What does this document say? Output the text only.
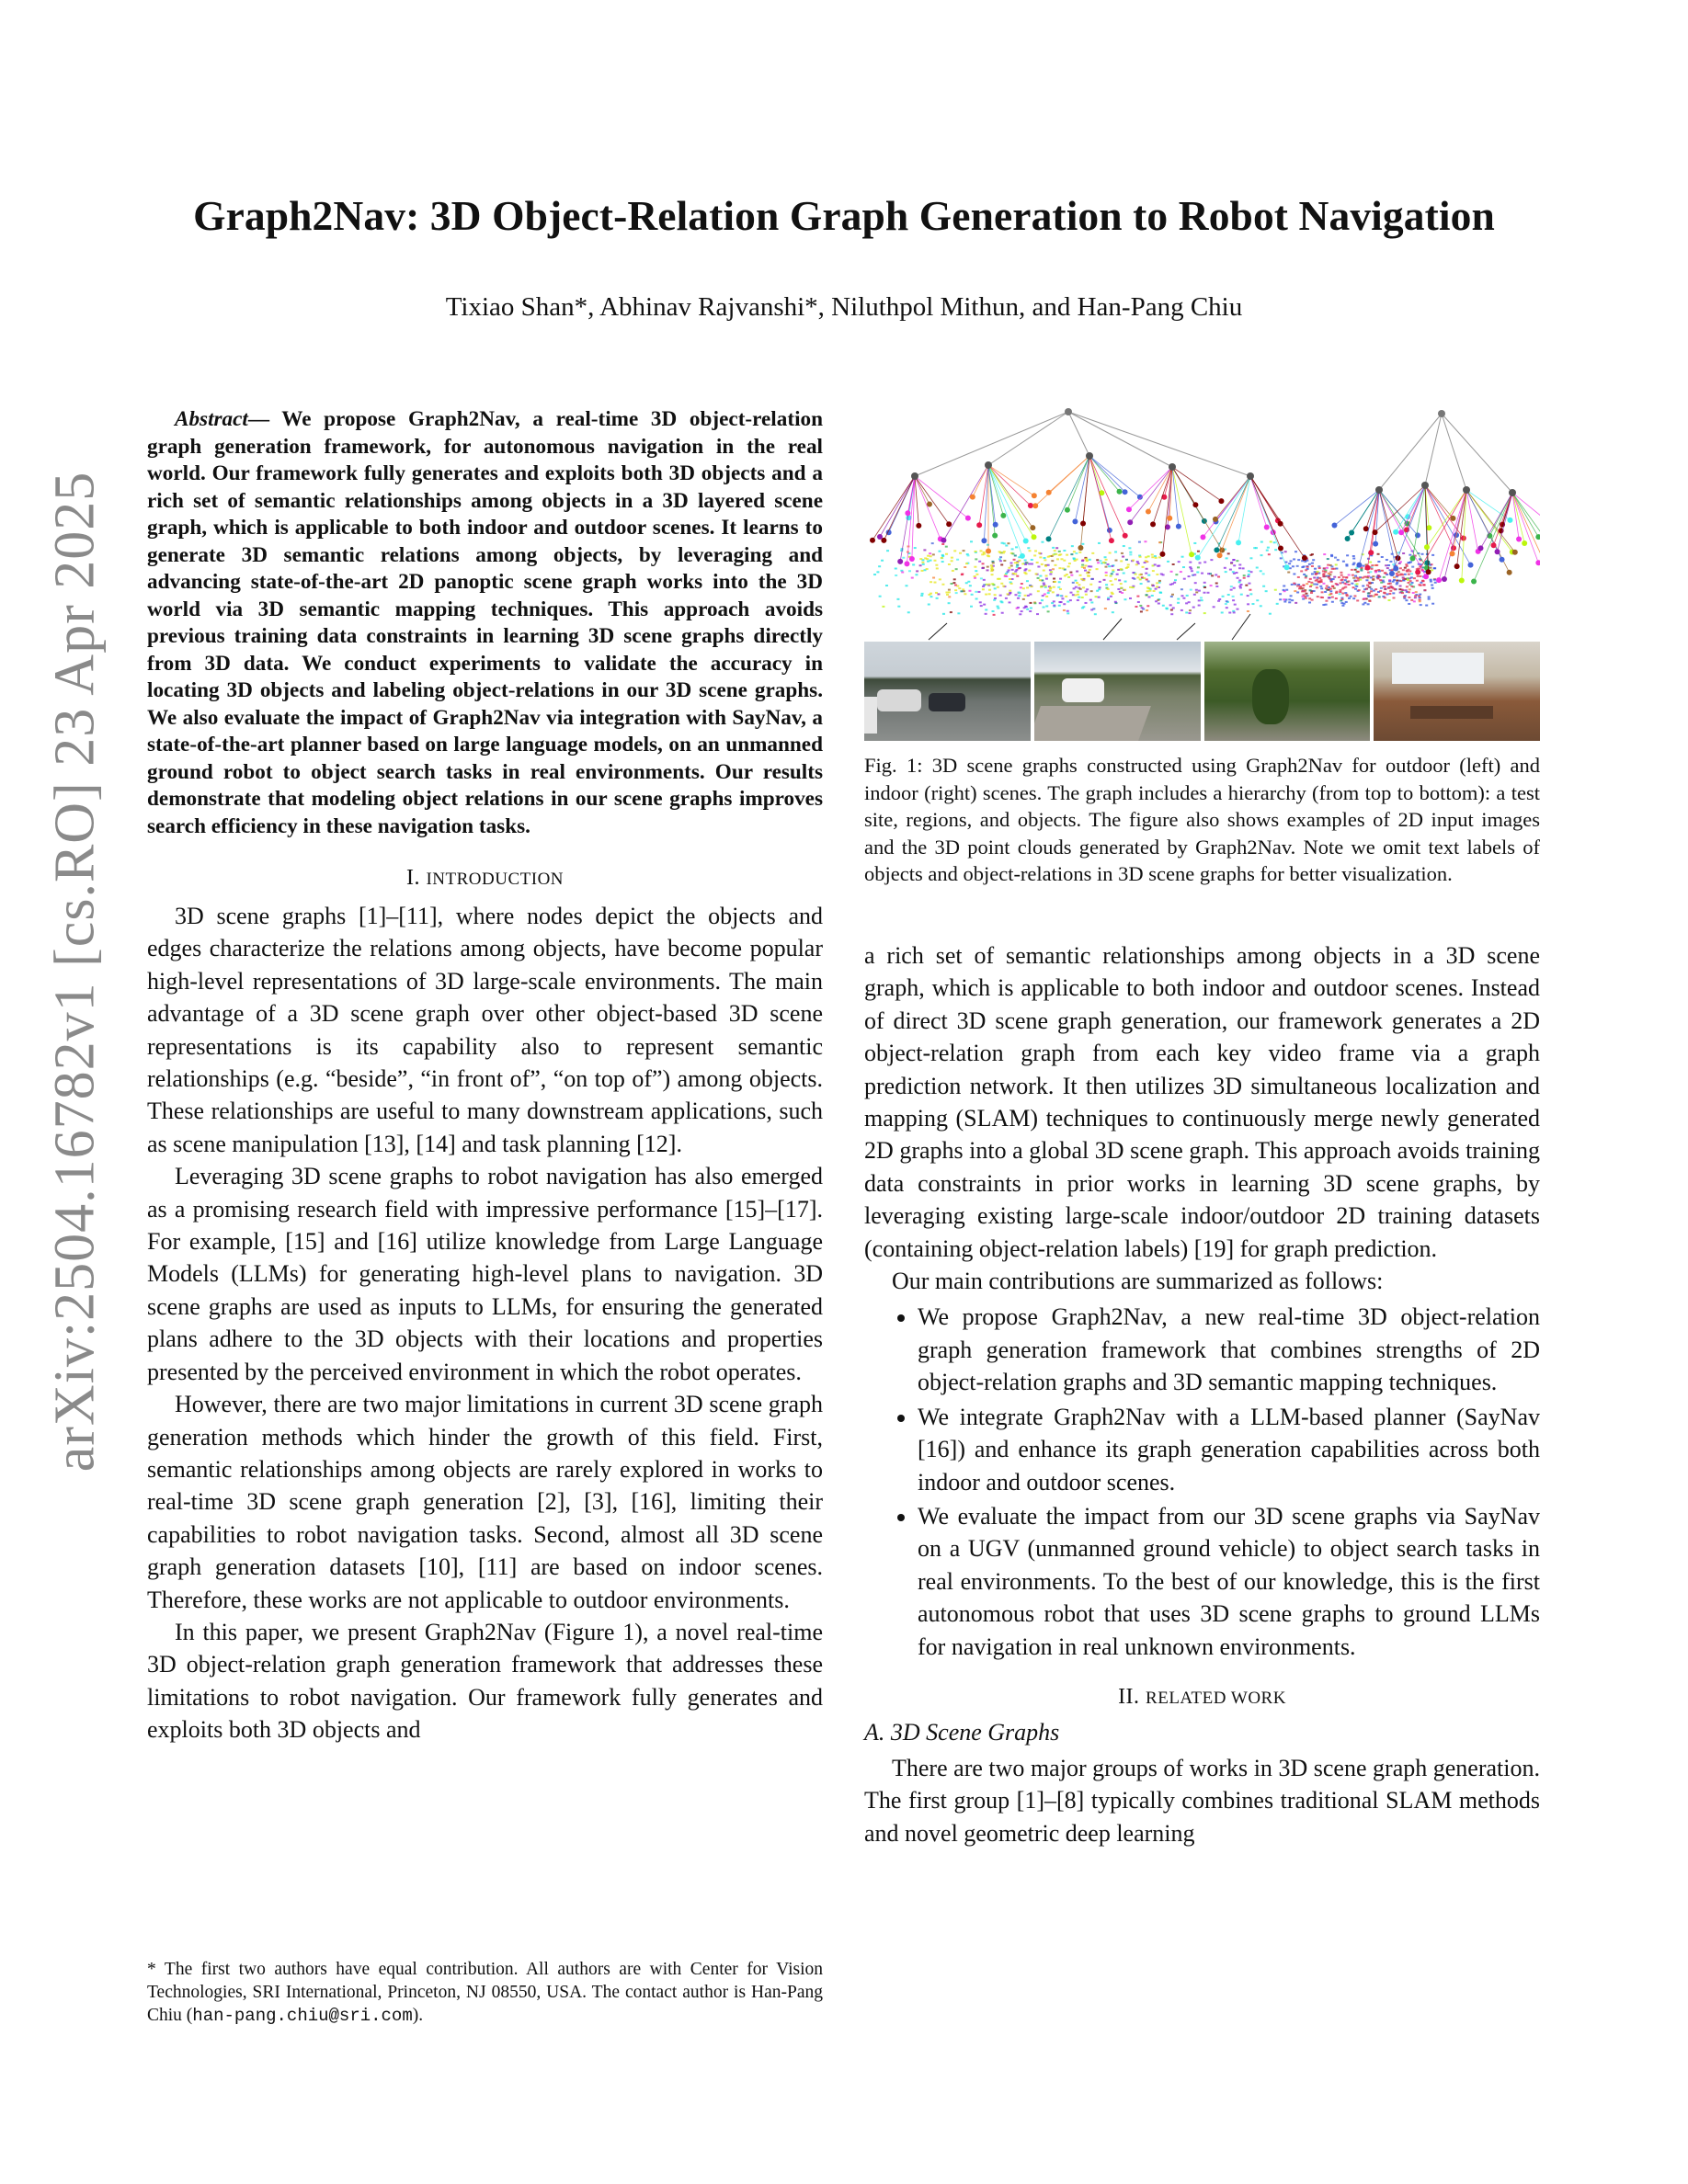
arXiv:2504.16782v1 [cs.RO] 23 Apr 2025
Graph2Nav: 3D Object-Relation Graph Generation to Robot Navigation
Tixiao Shan*, Abhinav Rajvanshi*, Niluthpol Mithun, and Han-Pang Chiu

Abstract— We propose Graph2Nav, a real-time 3D object-relation graph generation framework, for autonomous navigation in the real world. Our framework fully generates and exploits both 3D objects and a rich set of semantic relationships among objects in a 3D layered scene graph, which is applicable to both indoor and outdoor scenes. It learns to generate 3D semantic relations among objects, by leveraging and advancing state-of-the-art 2D panoptic scene graph works into the 3D world via 3D semantic mapping techniques. This approach avoids previous training data constraints in learning 3D scene graphs directly from 3D data. We conduct experiments to validate the accuracy in locating 3D objects and labeling object-relations in our 3D scene graphs. We also evaluate the impact of Graph2Nav via integration with SayNav, a state-of-the-art planner based on large language models, on an unmanned ground robot to object search tasks in real environments. Our results demonstrate that modeling object relations in our scene graphs improves search efficiency in these navigation tasks.

I. INTRODUCTION

3D scene graphs [1]–[11], where nodes depict the objects and edges characterize the relations among objects, have become popular high-level representations of 3D large-scale environments. The main advantage of a 3D scene graph over other object-based 3D scene representations is its capability also to represent semantic relationships (e.g. “beside”, “in front of”, “on top of”) among objects. These relationships are useful to many downstream applications, such as scene manipulation [13], [14] and task planning [12].

Leveraging 3D scene graphs to robot navigation has also emerged as a promising research field with impressive performance [15]–[17]. For example, [15] and [16] utilize knowledge from Large Language Models (LLMs) for generating high-level plans to navigation. 3D scene graphs are used as inputs to LLMs, for ensuring the generated plans adhere to the 3D objects with their locations and properties presented by the perceived environment in which the robot operates.

However, there are two major limitations in current 3D scene graph generation methods which hinder the growth of this field. First, semantic relationships among objects are rarely explored in works to real-time 3D scene graph generation [2], [3], [16], limiting their capabilities to robot navigation tasks. Second, almost all 3D scene graph generation datasets [10], [11] are based on indoor scenes. Therefore, these works are not applicable to outdoor environments.

In this paper, we present Graph2Nav (Figure 1), a novel real-time 3D object-relation graph generation framework that addresses these limitations to robot navigation. Our framework fully generates and exploits both 3D objects and

* The first two authors have equal contribution. All authors are with Center for Vision Technologies, SRI International, Princeton, NJ 08550, USA. The contact author is Han-Pang Chiu (han-pang.chiu@sri.com).
Fig. 1: 3D scene graphs constructed using Graph2Nav for outdoor (left) and indoor (right) scenes. The graph includes a hierarchy (from top to bottom): a test site, regions, and objects. The figure also shows examples of 2D input images and the 3D point clouds generated by Graph2Nav. Note we omit text labels of objects and object-relations in 3D scene graphs for better visualization.

a rich set of semantic relationships among objects in a 3D scene graph, which is applicable to both indoor and outdoor scenes. Instead of direct 3D scene graph generation, our framework generates a 2D object-relation graph from each key video frame via a graph prediction network. It then utilizes 3D simultaneous localization and mapping (SLAM) techniques to continuously merge newly generated 2D graphs into a global 3D scene graph. This approach avoids training data constraints in prior works in learning 3D scene graphs, by leveraging existing large-scale indoor/outdoor 2D training datasets (containing object-relation labels) [19] for graph prediction.

Our main contributions are summarized as follows:

• We propose Graph2Nav, a new real-time 3D object-relation graph generation framework that combines strengths of 2D object-relation graphs and 3D semantic mapping techniques.
• We integrate Graph2Nav with a LLM-based planner (SayNav [16]) and enhance its graph generation capabilities across both indoor and outdoor scenes.
• We evaluate the impact from our 3D scene graphs via SayNav on a UGV (unmanned ground vehicle) to object search tasks in real environments. To the best of our knowledge, this is the first autonomous robot that uses 3D scene graphs to ground LLMs for navigation in real unknown environments.
II. RELATED WORK
A. 3D Scene Graphs

There are two major groups of works in 3D scene graph generation. The first group [1]–[8] typically combines traditional SLAM methods and novel geometric deep learning
